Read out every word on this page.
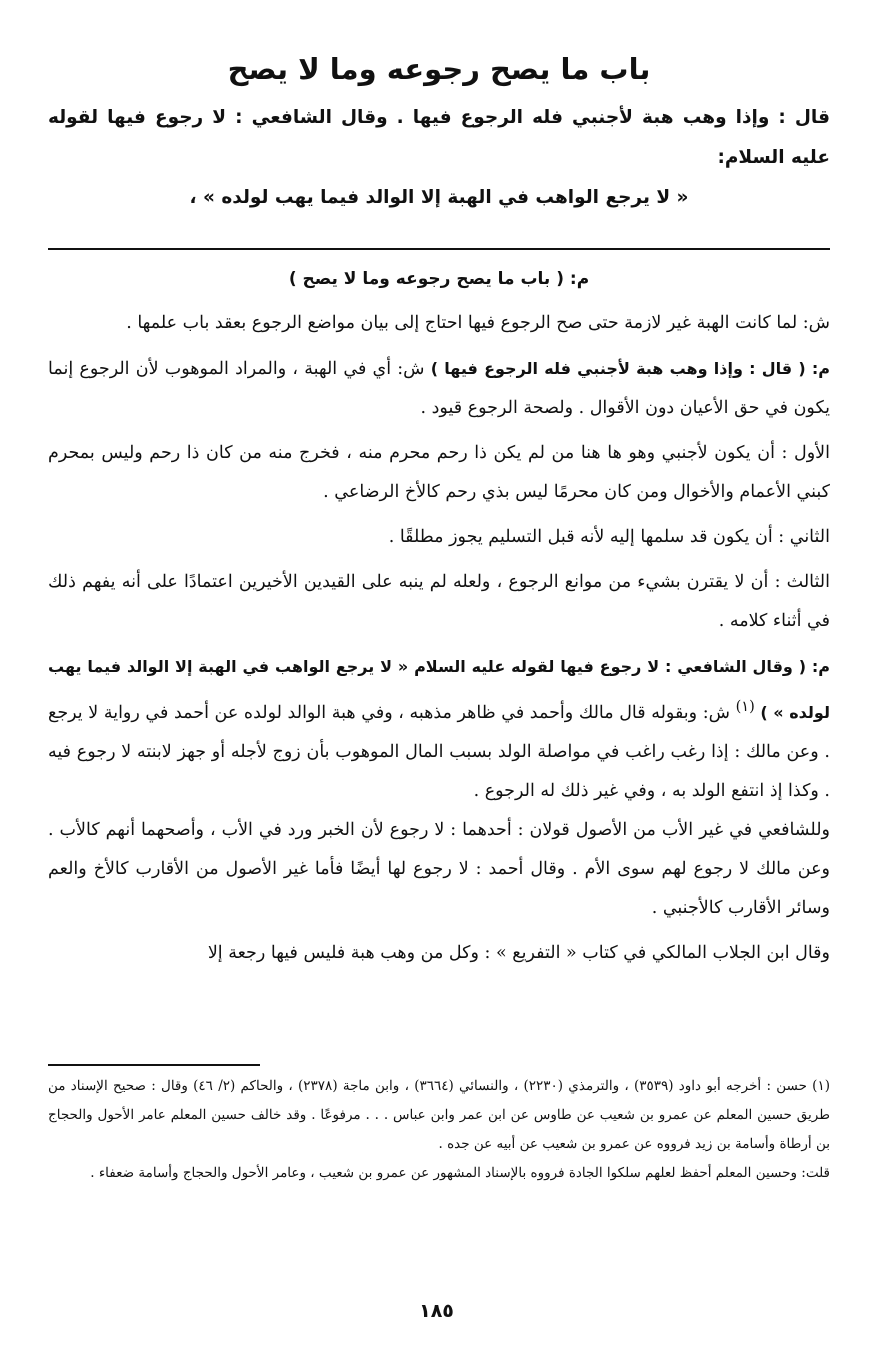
باب ما يصح رجوعه وما لا يصح
قال : وإذا وهب هبة لأجنبي فله الرجوع فيها . وقال الشافعي : لا رجوع فيها لقوله عليه السلام:
« لا يرجع الواهب في الهبة إلا الوالد فيما يهب لولده » ،
م: ( باب ما يصح رجوعه وما لا يصح )
ش: لما كانت الهبة غير لازمة حتى صح الرجوع فيها احتاج إلى بيان مواضع الرجوع بعقد باب علمها .
م: ( قال : وإذا وهب هبة لأجنبي فله الرجوع فيها ) ش: أي في الهبة ، والمراد الموهوب لأن الرجوع إنما يكون في حق الأعيان دون الأقوال . ولصحة الرجوع قيود .
الأول : أن يكون لأجنبي وهو ها هنا من لم يكن ذا رحم محرم منه ، فخرج منه من كان ذا رحم وليس بمحرم كبني الأعمام والأخوال ومن كان محرمًا ليس بذي رحم كالأخ الرضاعي .
الثاني : أن يكون قد سلمها إليه لأنه قبل التسليم يجوز مطلقًا .
الثالث : أن لا يقترن بشيء من موانع الرجوع ، ولعله لم ينبه على القيدين الأخيرين اعتمادًا على أنه يفهم ذلك في أثناء كلامه .
م: ( وقال الشافعي : لا رجوع فيها لقوله عليه السلام « لا يرجع الواهب في الهبة إلا الوالد فيما يهب لولده » ) $^{(١)}$ ش: وبقوله قال مالك وأحمد في ظاهر مذهبه ، وفي هبة الوالد لولده عن أحمد في رواية لا يرجع . وعن مالك : إذا رغب راغب في مواصلة الولد بسبب المال الموهوب بأن زوج لأجله أو جهز لابنته لا رجوع فيه . وكذا إذ انتفع الولد به ، وفي غير ذلك له الرجوع .
وللشافعي في غير الأب من الأصول قولان : أحدهما : لا رجوع لأن الخبر ورد في الأب ، وأصحهما أنهم كالأب . وعن مالك لا رجوع لهم سوى الأم . وقال أحمد : لا رجوع لها أيضًا فأما غير الأصول من الأقارب كالأخ والعم وسائر الأقارب كالأجنبي .
وقال ابن الجلاب المالكي في كتاب « التفريع » : وكل من وهب هبة فليس فيها رجعة إلا
(١) حسن : أخرجه أبو داود (٣٥٣٩) ، والترمذي (٢٢٣٠) ، والنسائي (٣٦٦٤) ، وابن ماجة (٢٣٧٨) ، والحاكم (٢/ ٤٦) وقال : صحيح الإسناد من طريق حسين المعلم عن عمرو بن شعيب عن طاوس عن ابن عمر وابن عباس . . . مرفوعًا . وقد خالف حسين المعلم عامر الأحول والحجاج بن أرطاة وأسامة بن زيد فرووه عن عمرو بن شعيب عن أبيه عن جده .
قلت: وحسين المعلم أحفظ لعلهم سلكوا الجادة فرووه بالإسناد المشهور عن عمرو بن شعيب ، وعامر الأحول والحجاج وأسامة ضعفاء .
١٨٥
